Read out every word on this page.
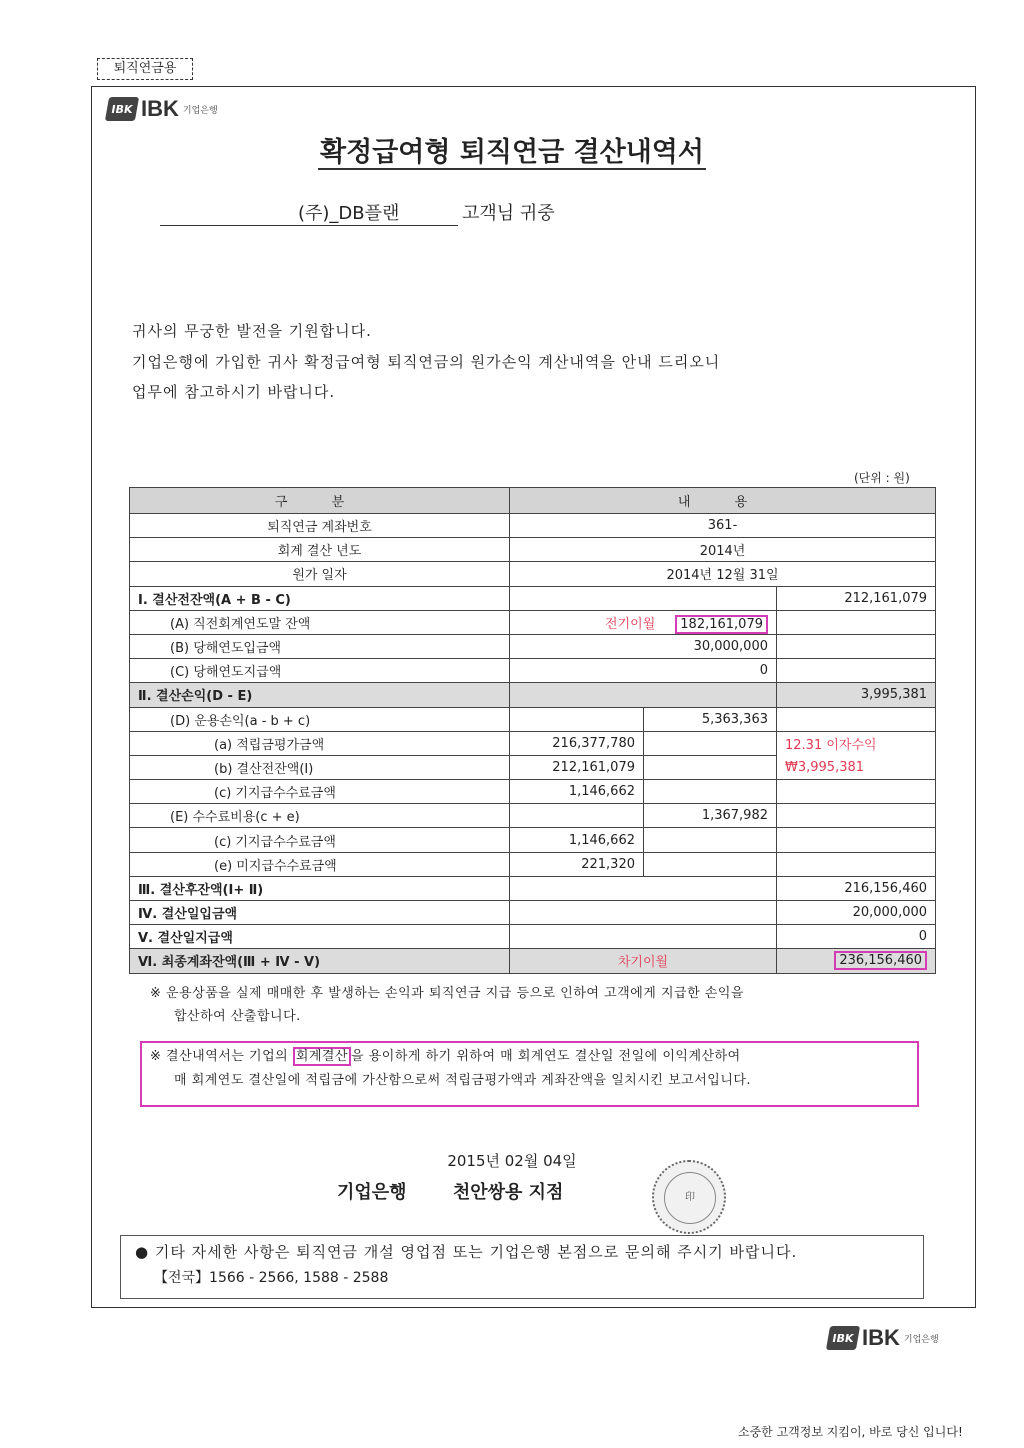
퇴직연금용
IBK IBK 기업은행
확정급여형 퇴직연금 결산내역서
(주)_DB플랜	고객님 귀중
귀사의 무궁한 발전을 기원합니다.
기업은행에 가입한 귀사 확정급여형 퇴직연금의 원가손익 계산내역을 안내 드리오니
업무에 참고하시기 바랍니다.
(단위 : 원)
구 분	내 용		
퇴직연금 계좌번호	361-		
회계 결산 년도	2014년		
원가 일자	2014년 12월 31일		
Ⅰ. 결산전잔액(A + B - C)			212,161,079
(A) 직전회계연도말 잔액	전기이월 182,161,079		
(B) 당해연도입금액	30,000,000		
(C) 당해연도지급액	0		
Ⅱ. 결산손익(D - E)			3,995,381
(D) 운용손익(a - b + c)		5,363,363	
(a) 적립금평가금액	216,377,780		12.31 이자수익
(b) 결산전잔액(Ⅰ)	212,161,079		₩3,995,381
(c) 기지급수수료금액	1,146,662		
(E) 수수료비용(c + e)		1,367,982	
(c) 기지급수수료금액	1,146,662		
(e) 미지급수수료금액	221,320		
Ⅲ. 결산후잔액(Ⅰ+ Ⅱ)			216,156,460
Ⅳ. 결산일입금액			20,000,000
Ⅴ. 결산일지급액			0
Ⅵ. 최종계좌잔액(Ⅲ + Ⅳ - Ⅴ)	차기이월		236,156,460
※ 운용상품을 실제 매매한 후 발생하는 손익과 퇴직연금 지급 등으로 인하여 고객에게 지급한 손익을
합산하여 산출합니다.
※ 결산내역서는 기업의 회계결산 을 용이하게 하기 위하여 매 회계연도 결산일 전일에 이익계산하여
매 회계연도 결산일에 적립금에 가산함으로써 적립금평가액과 계좌잔액을 일치시킨 보고서입니다.
2015년 02월 04일
기업은행	천안쌍용 지점	印
● 기타 자세한 사항은 퇴직연금 개설 영업점 또는 기업은행 본점으로 문의해 주시기 바랍니다.
【전국】1566 - 2566, 1588 - 2588
IBK IBK 기업은행
소중한 고객정보 지킴이, 바로 당신 입니다!
